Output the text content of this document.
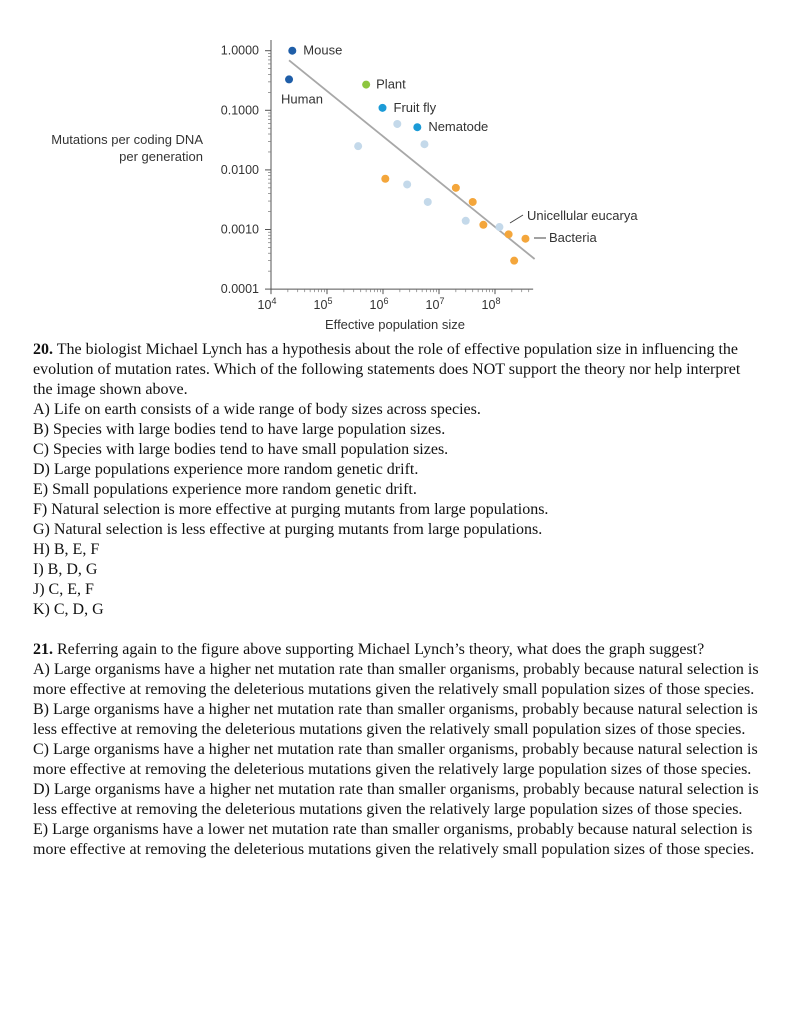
1.0000
0.1000
0.0100
0.0010
0.0001
$10^4$	$10^5$	$10^6$	$10^7$	$10^8$
Effective population size
Mouse
Human
Plant
Fruit fly
Nematode
Unicellular eucarya
Bacteria
Mutations per coding DNA
per generation

20. The biologist Michael Lynch has a hypothesis about the role of effective population size in influencing the evolution of mutation rates. Which of the following statements does NOT support the theory nor help interpret the image shown above.

A) Life on earth consists of a wide range of body sizes across species.

B) Species with large bodies tend to have large population sizes.

C) Species with large bodies tend to have small population sizes.

D) Large populations experience more random genetic drift.

E) Small populations experience more random genetic drift.

F) Natural selection is more effective at purging mutants from large populations.

G) Natural selection is less effective at purging mutants from large populations.

H) B, E, F

I) B, D, G

J) C, E, F

K) C, D, G

21. Referring again to the figure above supporting Michael Lynch’s theory, what does the graph suggest?

A) Large organisms have a higher net mutation rate than smaller organisms, probably because natural selection is more effective at removing the deleterious mutations given the relatively small population sizes of those species.

B) Large organisms have a higher net mutation rate than smaller organisms, probably because natural selection is less effective at removing the deleterious mutations given the relatively small population sizes of those species.

C) Large organisms have a higher net mutation rate than smaller organisms, probably because natural selection is more effective at removing the deleterious mutations given the relatively large population sizes of those species.

D) Large organisms have a higher net mutation rate than smaller organisms, probably because natural selection is less effective at removing the deleterious mutations given the relatively large population sizes of those species.

E) Large organisms have a lower net mutation rate than smaller organisms, probably because natural selection is more effective at removing the deleterious mutations given the relatively small population sizes of those species.
